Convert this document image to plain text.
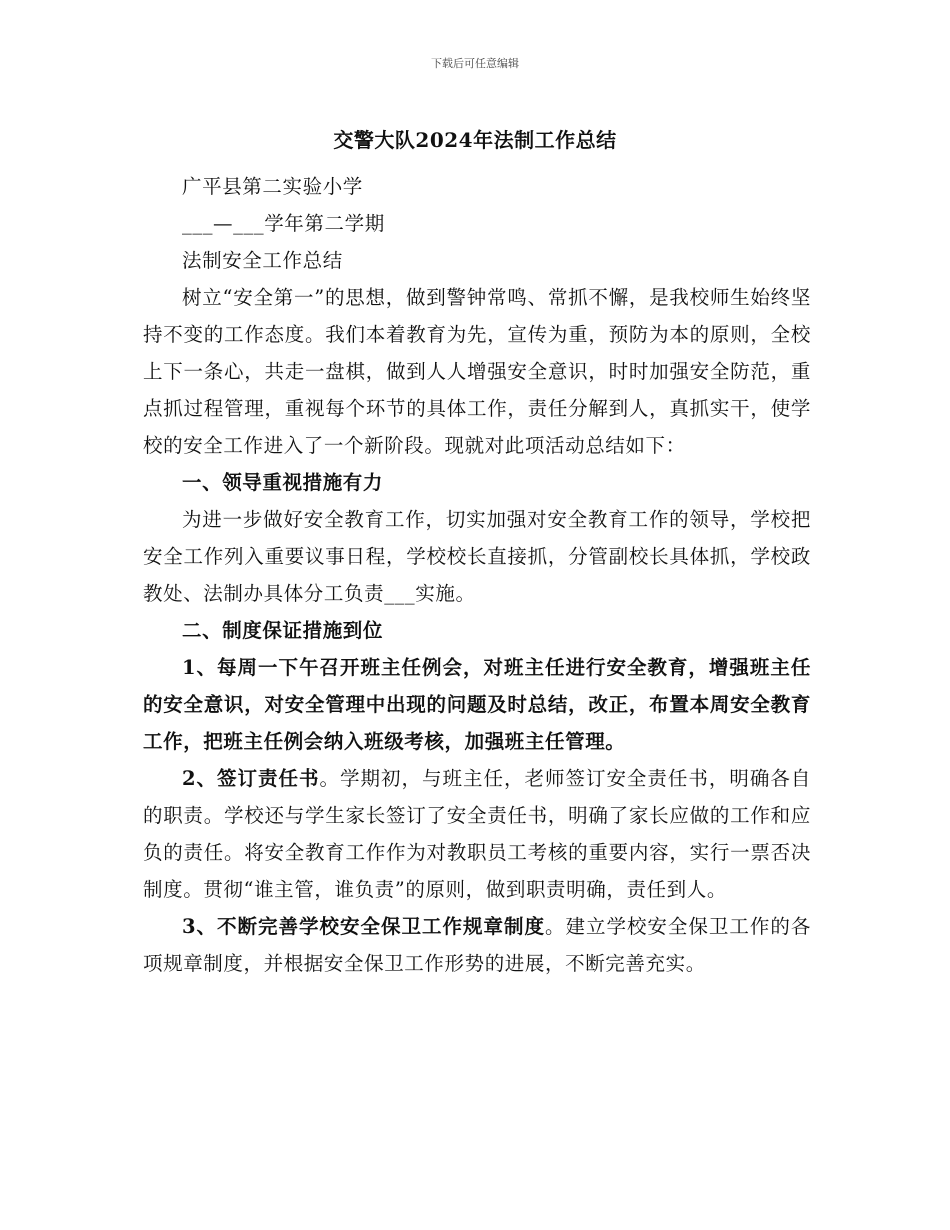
下载后可任意编辑
交警大队2024年法制工作总结

广平县第二实验小学

___—___学年第二学期

法制安全工作总结

树立“安全第一”的思想，做到警钟常鸣、常抓不懈，是我校师生始终坚持不变的工作态度。我们本着教育为先，宣传为重，预防为本的原则，全校上下一条心，共走一盘棋，做到人人增强安全意识，时时加强安全防范，重点抓过程管理，重视每个环节的具体工作，责任分解到人，真抓实干，使学校的安全工作进入了一个新阶段。现就对此项活动总结如下：

一、领导重视措施有力

为进一步做好安全教育工作，切实加强对安全教育工作的领导，学校把安全工作列入重要议事日程，学校校长直接抓，分管副校长具体抓，学校政教处、法制办具体分工负责___实施。

二、制度保证措施到位

1、每周一下午召开班主任例会，对班主任进行安全教育，增强班主任的安全意识，对安全管理中出现的问题及时总结，改正，布置本周安全教育工作，把班主任例会纳入班级考核，加强班主任管理。

2、签订责任书。学期初，与班主任，老师签订安全责任书，明确各自的职责。学校还与学生家长签订了安全责任书，明确了家长应做的工作和应负的责任。将安全教育工作作为对教职员工考核的重要内容，实行一票否决制度。贯彻“谁主管，谁负责”的原则，做到职责明确，责任到人。

3、不断完善学校安全保卫工作规章制度。建立学校安全保卫工作的各项规章制度，并根据安全保卫工作形势的进展，不断完善充实。
